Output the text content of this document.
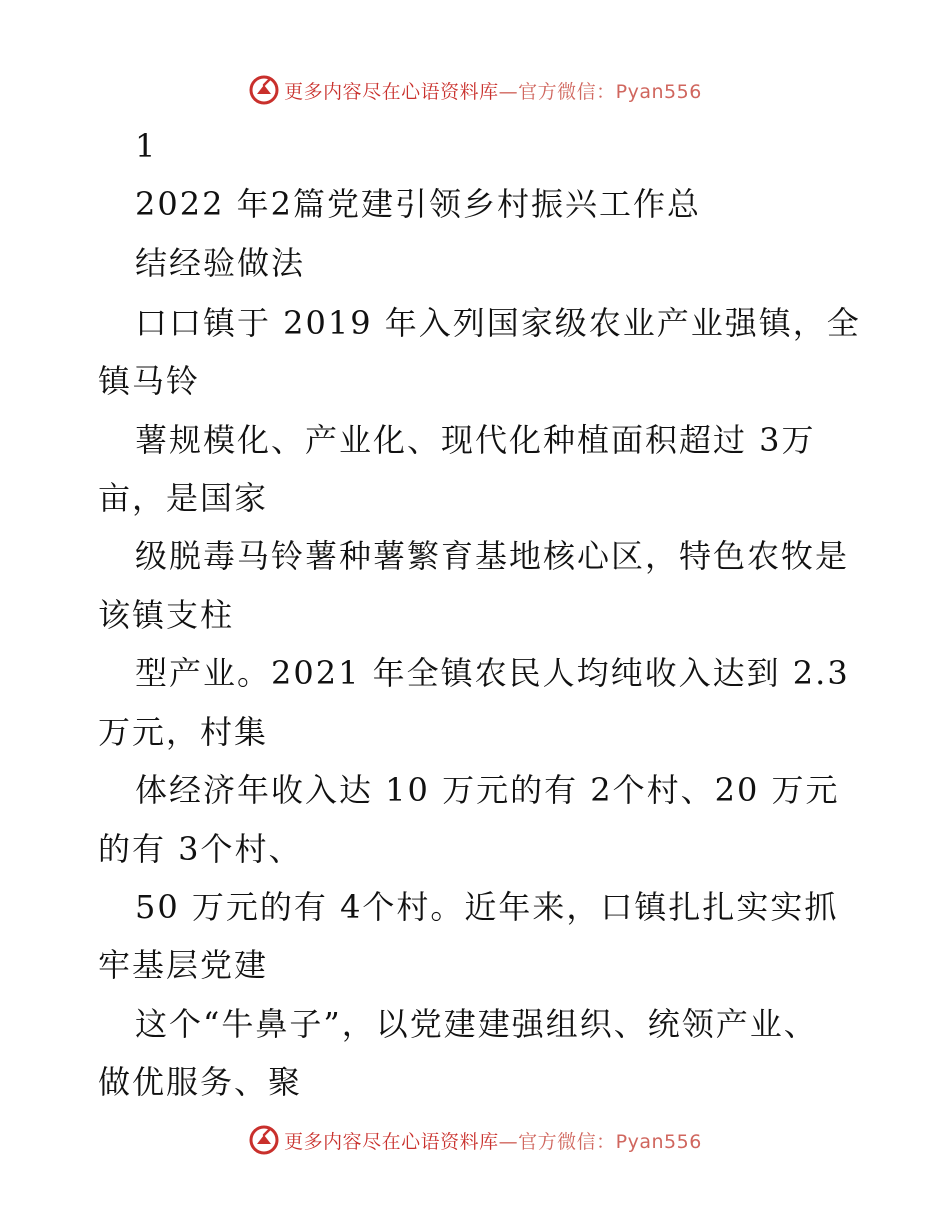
更多内容尽在心语资料库 —官方微信：Pyan556
1
2022 年2篇党建引领乡村振兴工作总
结经验做法
口口镇于 2019 年入列国家级农业产业强镇，全
镇马铃
薯规模化、产业化、现代化种植面积超过 3万
亩，是国家
级脱毒马铃薯种薯繁育基地核心区，特色农牧是
该镇支柱
型产业。2021 年全镇农民人均纯收入达到 2.3
万元，村集
体经济年收入达 10 万元的有 2个村、20 万元
的有 3个村、
50 万元的有 4个村。近年来，口镇扎扎实实抓
牢基层党建
这个“牛鼻子”，以党建建强组织、统领产业、
做优服务、聚
更多内容尽在心语资料库 —官方微信：Pyan556
